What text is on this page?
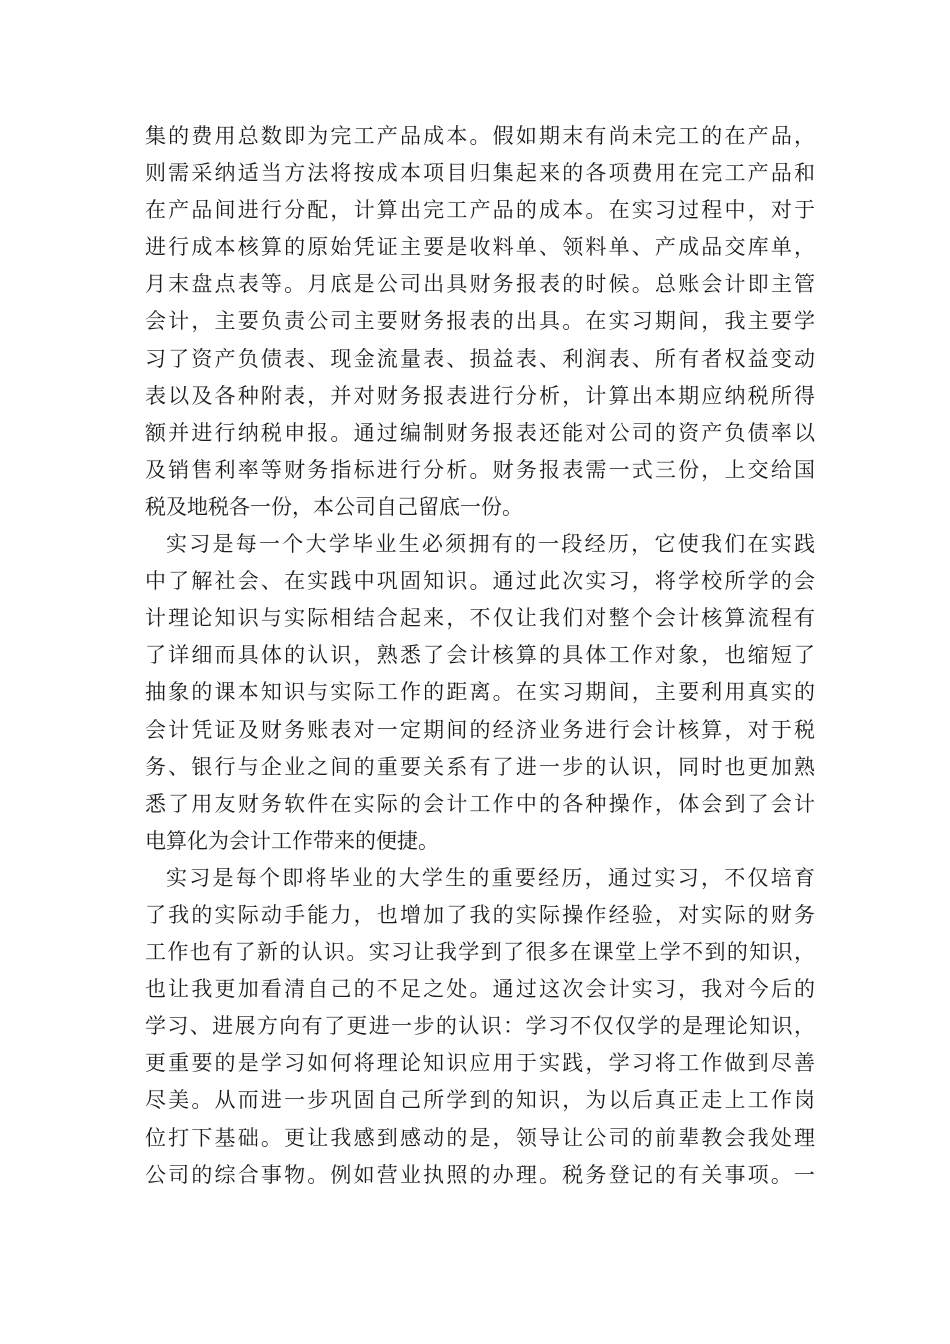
集的费用总数即为完工产品成本。假如期末有尚未完工的在产品，
则需采纳适当方法将按成本项目归集起来的各项费用在完工产品和
在产品间进行分配，计算出完工产品的成本。在实习过程中，对于
进行成本核算的原始凭证主要是收料单、领料单、产成品交库单，
月末盘点表等。月底是公司出具财务报表的时候。总账会计即主管
会计，主要负责公司主要财务报表的出具。在实习期间，我主要学
习了资产负债表、现金流量表、损益表、利润表、所有者权益变动
表以及各种附表，并对财务报表进行分析，计算出本期应纳税所得
额并进行纳税申报。通过编制财务报表还能对公司的资产负债率以
及销售利率等财务指标进行分析。财务报表需一式三份，上交给国
税及地税各一份，本公司自己留底一份。
实习是每一个大学毕业生必须拥有的一段经历，它使我们在实践
中了解社会、在实践中巩固知识。通过此次实习，将学校所学的会
计理论知识与实际相结合起来，不仅让我们对整个会计核算流程有
了详细而具体的认识，熟悉了会计核算的具体工作对象，也缩短了
抽象的课本知识与实际工作的距离。在实习期间，主要利用真实的
会计凭证及财务账表对一定期间的经济业务进行会计核算，对于税
务、银行与企业之间的重要关系有了进一步的认识，同时也更加熟
悉了用友财务软件在实际的会计工作中的各种操作，体会到了会计
电算化为会计工作带来的便捷。
实习是每个即将毕业的大学生的重要经历，通过实习，不仅培育
了我的实际动手能力，也增加了我的实际操作经验，对实际的财务
工作也有了新的认识。实习让我学到了很多在课堂上学不到的知识，
也让我更加看清自己的不足之处。通过这次会计实习，我对今后的
学习、进展方向有了更进一步的认识：学习不仅仅学的是理论知识，
更重要的是学习如何将理论知识应用于实践，学习将工作做到尽善
尽美。从而进一步巩固自己所学到的知识，为以后真正走上工作岗
位打下基础。更让我感到感动的是，领导让公司的前辈教会我处理
公司的综合事物。例如营业执照的办理。税务登记的有关事项。一
